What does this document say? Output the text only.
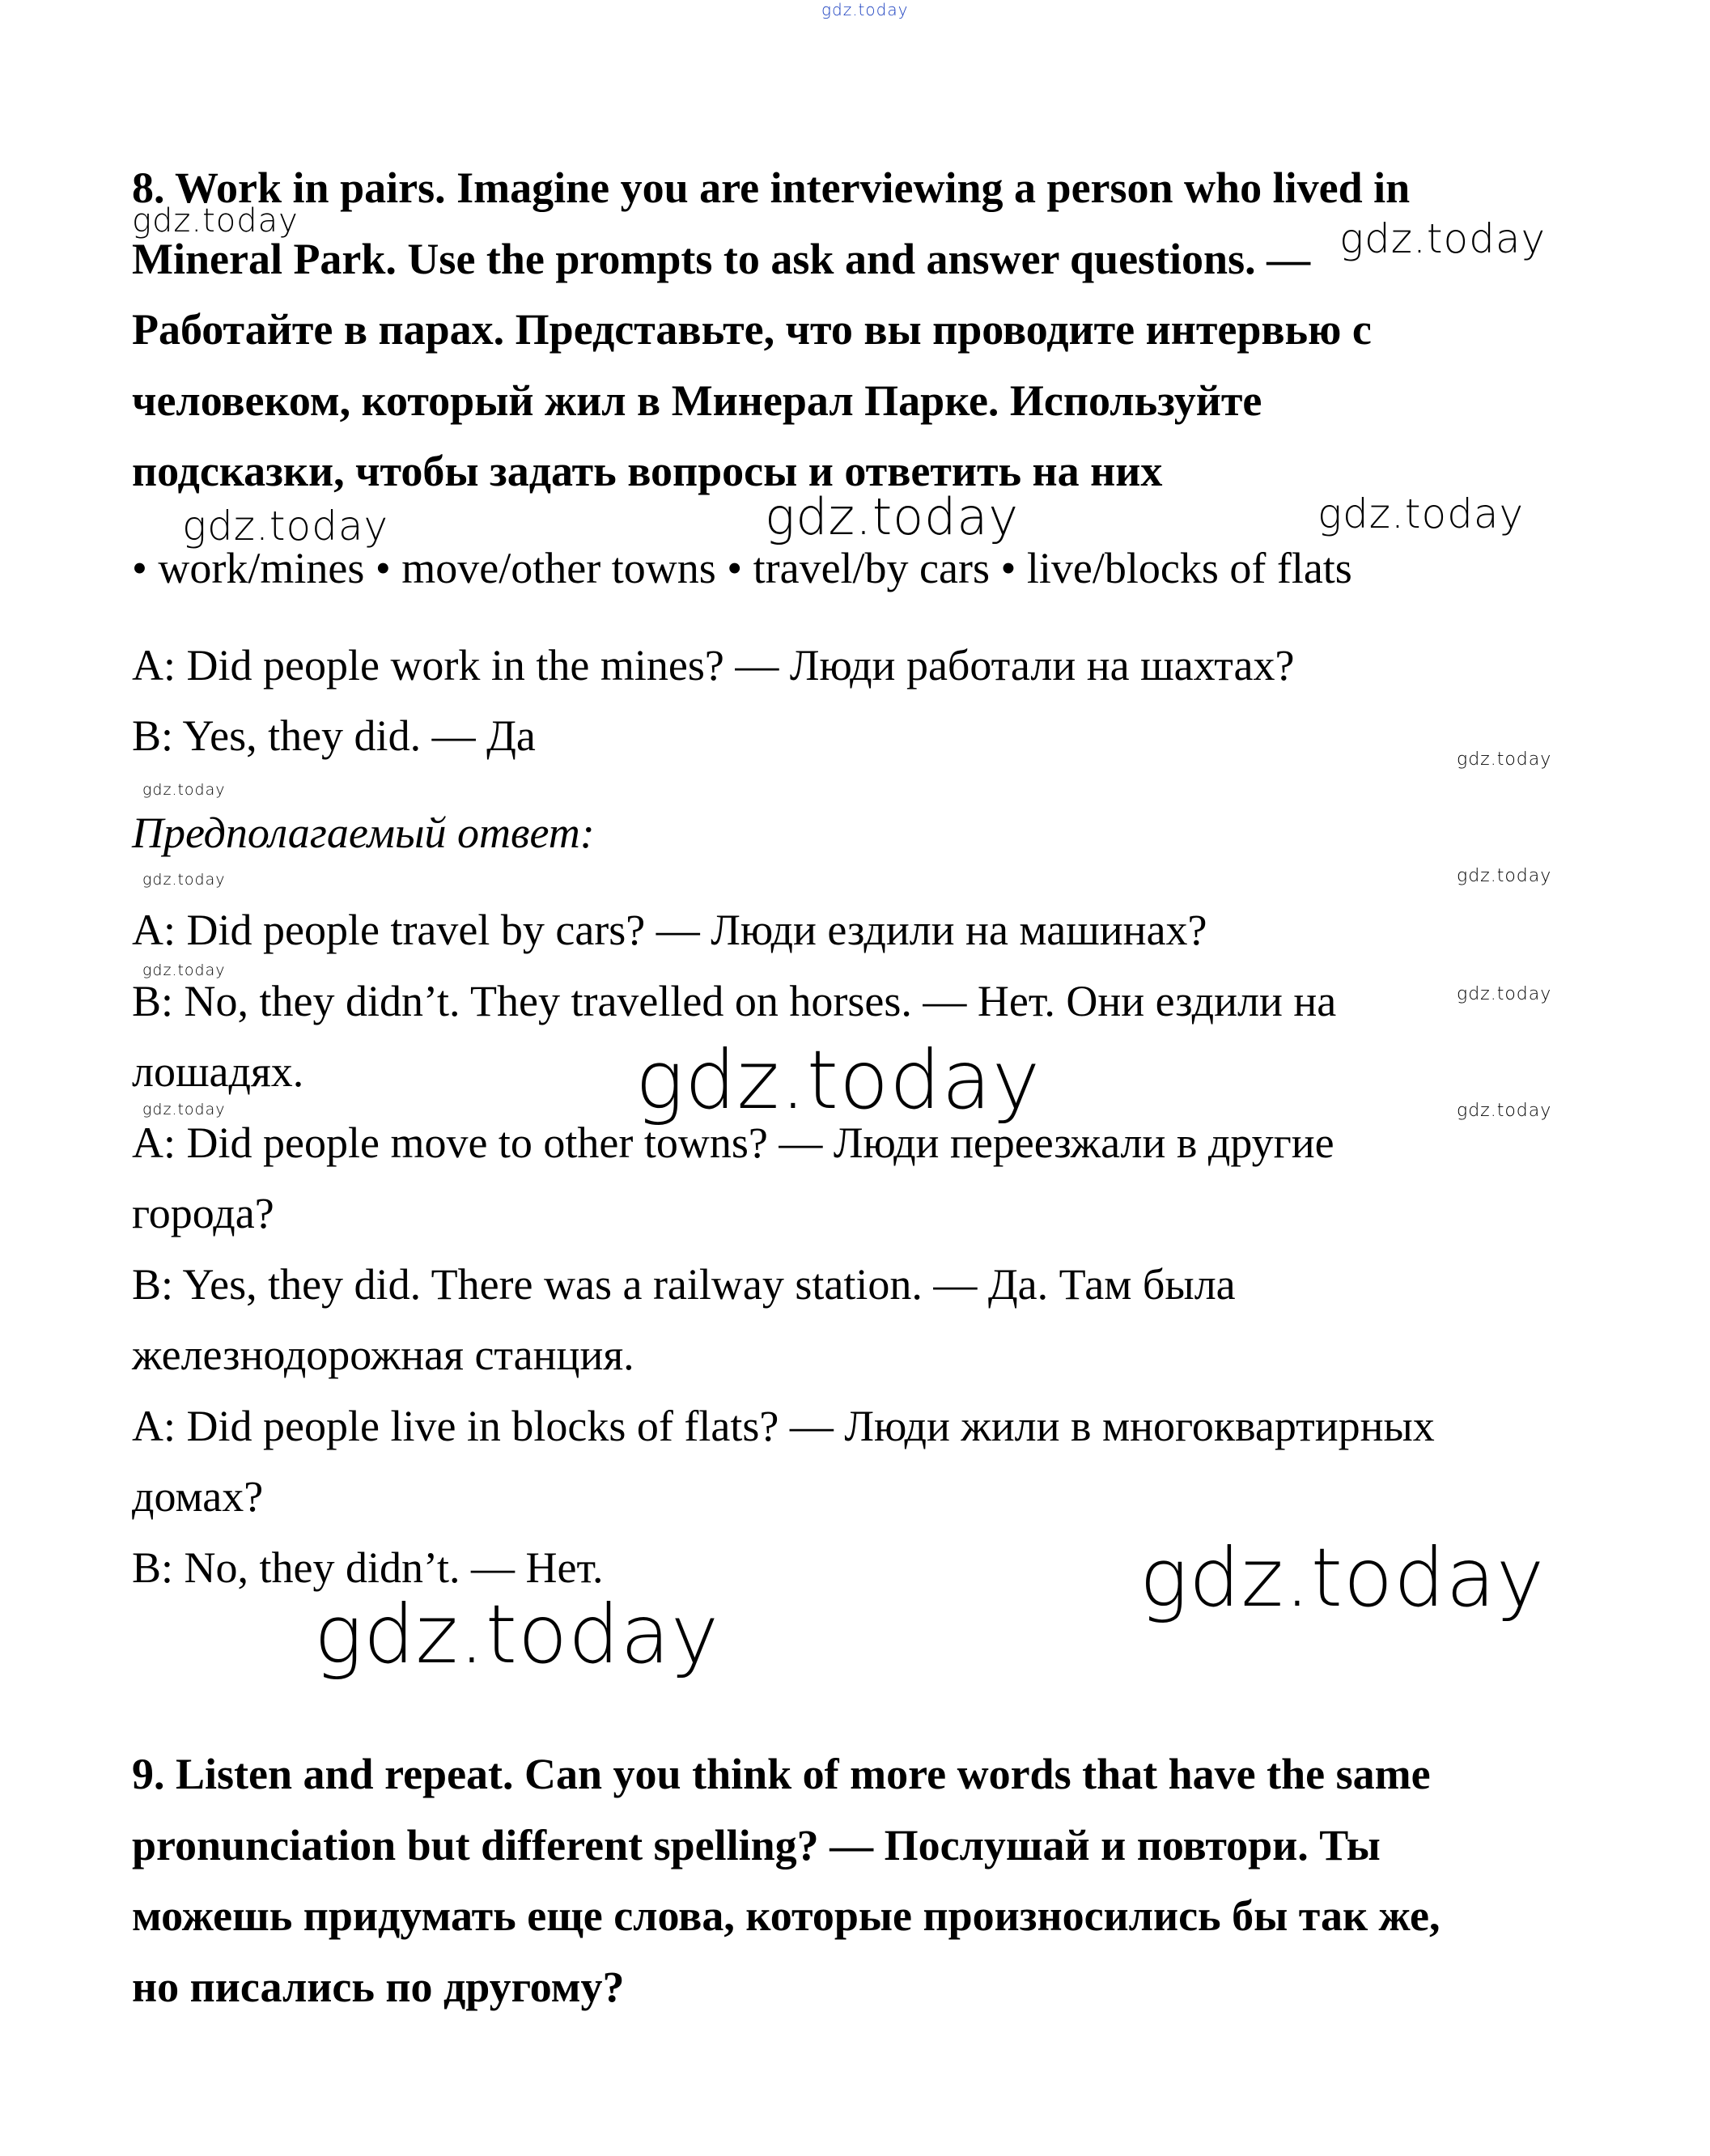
gdz.today
8. Work in pairs. Imagine you are interviewing a person who lived in
Mineral Park. Use the prompts to ask and answer questions. —
Работайте в парах. Представьте, что вы проводите интервью с
человеком, который жил в Минерал Парке. Используйте
подсказки, чтобы задать вопросы и ответить на них
• work/mines • move/other towns • travel/by cars • live/blocks of flats
A: Did people work in the mines? — Люди работали на шахтах?
B: Yes, they did. — Да
Предполагаемый ответ:
A: Did people travel by cars? — Люди ездили на машинах?
B: No, they didn’t. They travelled on horses. — Нет. Они ездили на
лошадях.
A: Did people move to other towns? — Люди переезжали в другие
города?
B: Yes, they did. There was a railway station. — Да. Там была
железнодорожная станция.
A: Did people live in blocks of flats? — Люди жили в многоквартирных
домах?
B: No, they didn’t. — Нет.
9. Listen and repeat. Can you think of more words that have the same
pronunciation but different spelling? — Послушай и повтори. Ты
можешь придумать еще слова, которые произносились бы так же,
но писались по другому?
gdz.today	gdz.today
gdz.today	gdz.today	gdz.today
gdz.today
gdz.today
gdz.today	gdz.today
gdz.today
gdz.today
gdz.today
gdz.today	gdz.today
gdz.today
gdz.today
